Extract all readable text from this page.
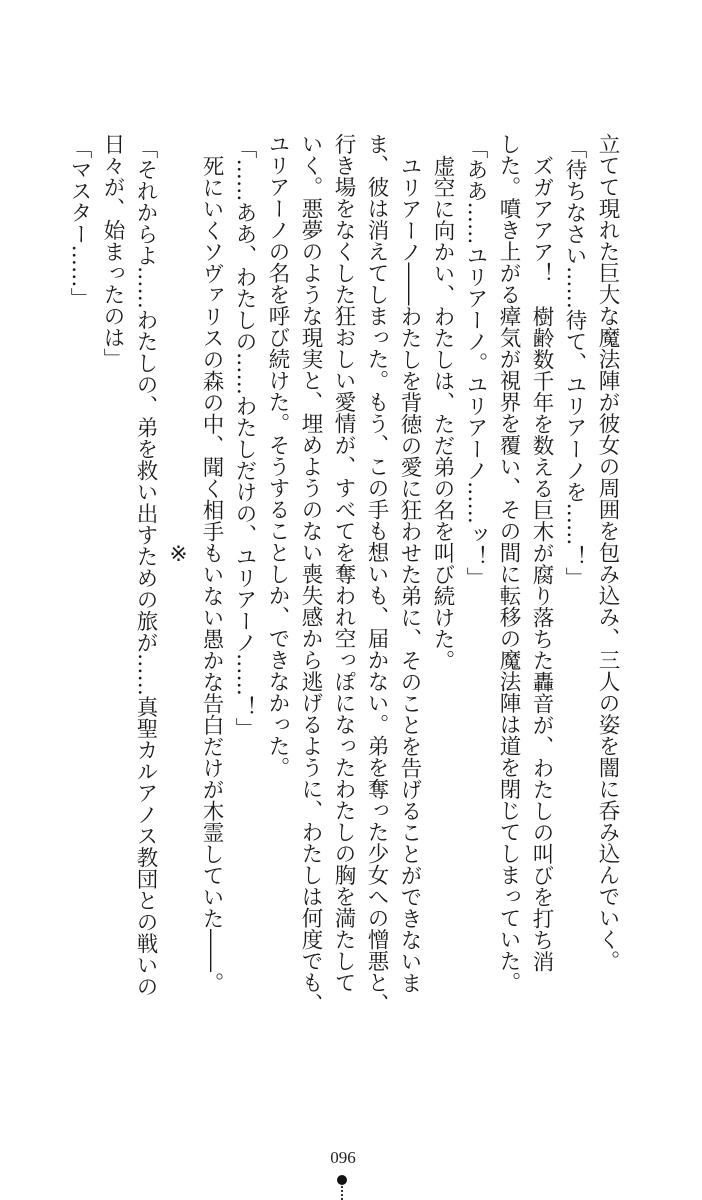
立てて現れた巨大な魔法陣が彼女の周囲を包み込み、三人の姿を闇に呑み込んでいく。
「待ちなさい……待て、ユリアーノを……！」
ズガアアア！　樹齢数千年を数える巨木が腐り落ちた轟音が、わたしの叫びを打ち消
した。噴き上がる瘴気が視界を覆い、その間に転移の魔法陣は道を閉じてしまっていた。
「ああ……ユリアーノ。ユリアーノ……ッ！」
虚空に向かい、わたしは、ただ弟の名を叫び続けた。
ユリアーノ――わたしを背徳の愛に狂わせた弟に、そのことを告げることができないま
ま、彼は消えてしまった。もう、この手も想いも、届かない。弟を奪った少女への憎悪と、
行き場をなくした狂おしい愛情が、すべてを奪われ空っぽになったわたしの胸を満たして
いく。悪夢のような現実と、埋めようのない喪失感から逃げるように、わたしは何度でも、
ユリアーノの名を呼び続けた。そうすることしか、できなかった。
「……ああ、わたしの……わたしだけの、ユリアーノ……！」
死にいくソヴァリスの森の中、聞く相手もいない愚かな告白だけが木霊していた――。
※
「それからよ……わたしの、弟を救い出すための旅が……真聖カルアノス教団との戦いの
日々が、始まったのは」
「マスター……」
096
